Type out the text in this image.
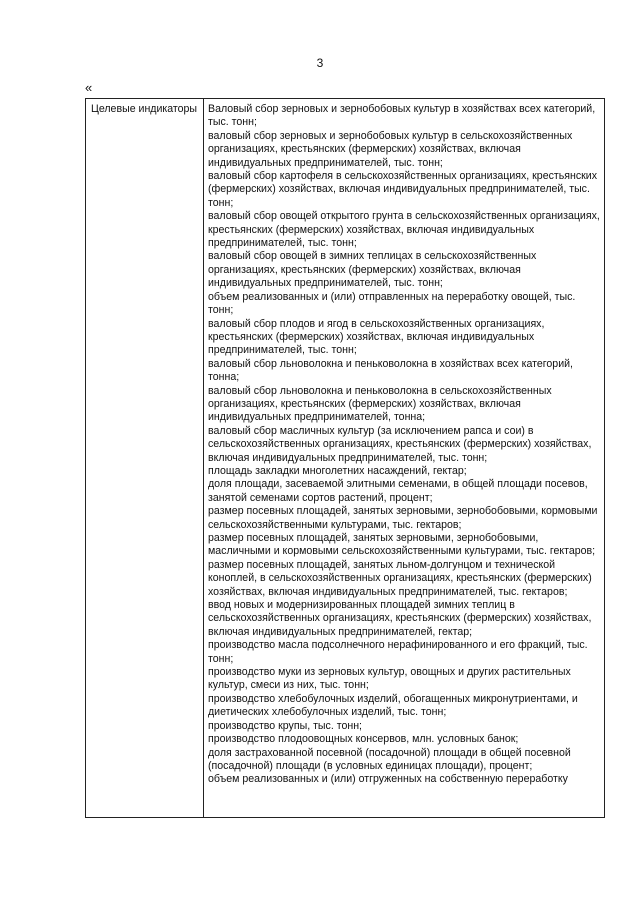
3
«
Целевые индикаторы	Валовый сбор зерновых и зернобобовых культур в хозяйствах всех категорий, тыс. тонн;

валовый сбор зерновых и зернобобовых культур в сельскохозяйственных организациях, крестьянских (фермерских) хозяйствах, включая индивидуальных предпринимателей, тыс. тонн;

валовый сбор картофеля в сельскохозяйственных организациях, крестьянских (фермерских) хозяйствах, включая индивидуальных предпринимателей, тыс. тонн;

валовый сбор овощей открытого грунта в сельскохозяйственных организациях, крестьянских (фермерских) хозяйствах, включая индивидуальных предпринимателей, тыс. тонн;

валовый сбор овощей в зимних теплицах в сельскохозяйственных организациях, крестьянских (фермерских) хозяйствах, включая индивидуальных предпринимателей, тыс. тонн;

объем реализованных и (или) отправленных на переработку овощей, тыс. тонн;

валовый сбор плодов и ягод в сельскохозяйственных организациях, крестьянских (фермерских) хозяйствах, включая индивидуальных предпринимателей, тыс. тонн;

валовый сбор льноволокна и пеньковолокна в хозяйствах всех категорий, тонна;

валовый сбор льноволокна и пеньковолокна в сельскохозяйственных организациях, крестьянских (фермерских) хозяйствах, включая индивидуальных предпринимателей, тонна;

валовый сбор масличных культур (за исключением рапса и сои) в сельскохозяйственных организациях, крестьянских (фермерских) хозяйствах, включая индивидуальных предпринимателей, тыс. тонн;

площадь закладки многолетних насаждений, гектар;

доля площади, засеваемой элитными семенами, в общей площади посевов, занятой семенами сортов растений, процент;

размер посевных площадей, занятых зерновыми, зернобобовыми, кормовыми сельскохозяйственными культурами, тыс. гектаров;

размер посевных площадей, занятых зерновыми, зернобобовыми, масличными и кормовыми сельскохозяйственными культурами, тыс. гектаров;

размер посевных площадей, занятых льном-долгунцом и технической коноплей, в сельскохозяйственных организациях, крестьянских (фермерских) хозяйствах, включая индивидуальных предпринимателей, тыс. гектаров;

ввод новых и модернизированных площадей зимних теплиц в сельскохозяйственных организациях, крестьянских (фермерских) хозяйствах, включая индивидуальных предпринимателей, гектар;

производство масла подсолнечного нерафинированного и его фракций, тыс. тонн;

производство муки из зерновых культур, овощных и других растительных культур, смеси из них, тыс. тонн;

производство хлебобулочных изделий, обогащенных микронутриентами, и диетических хлебобулочных изделий, тыс. тонн;

производство крупы, тыс. тонн;

производство плодоовощных консервов, млн. условных банок;

доля застрахованной посевной (посадочной) площади в общей посевной (посадочной) площади (в условных единицах площади), процент;

объем реализованных и (или) отгруженных на собственную переработку
